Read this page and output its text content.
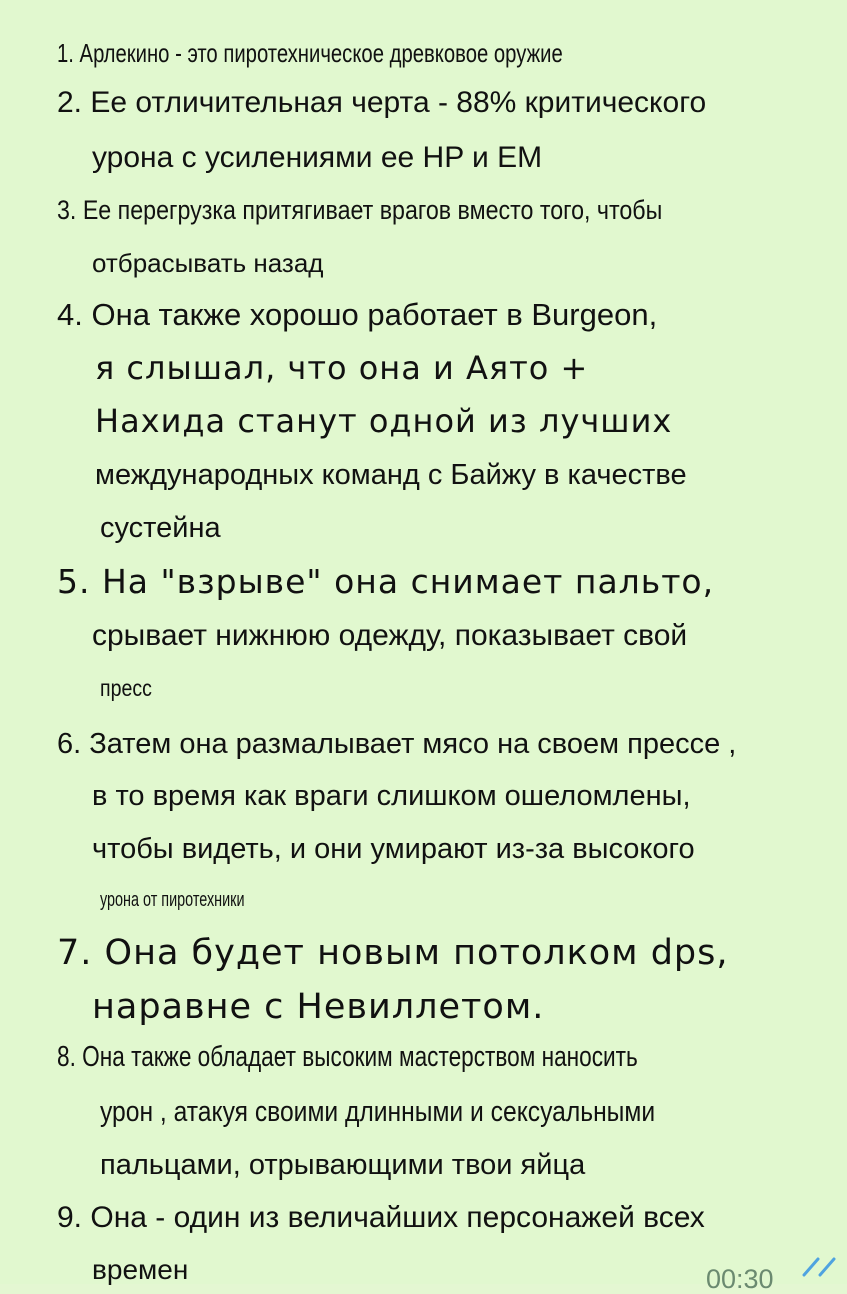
1. Арлекино - это пиротехническое древковое оружие
2. Ее отличительная черта - 88% критического
урона с усилениями ее HP и EM
3. Ее перегрузка притягивает врагов вместо того, чтобы
отбрасывать назад
4. Она также хорошо работает в Burgeon,
я слышал, что она и Аято +
Нахида станут одной из лучших
международных команд с Байжу в качестве
сустейна
5. На "взрыве" она снимает пальто,
срывает нижнюю одежду, показывает свой
пресс
6. Затем она размалывает мясо на своем прессе ,
в то время как враги слишком ошеломлены,
чтобы видеть, и они умирают из-за высокого
урона от пиротехники
7. Она будет новым потолком dps,
наравне с Невиллетом.
8. Она также обладает высоким мастерством наносить
урон , атакуя своими длинными и сексуальными
пальцами, отрывающими твои яйца
9. Она - один из величайших персонажей всех
времен	00:30
